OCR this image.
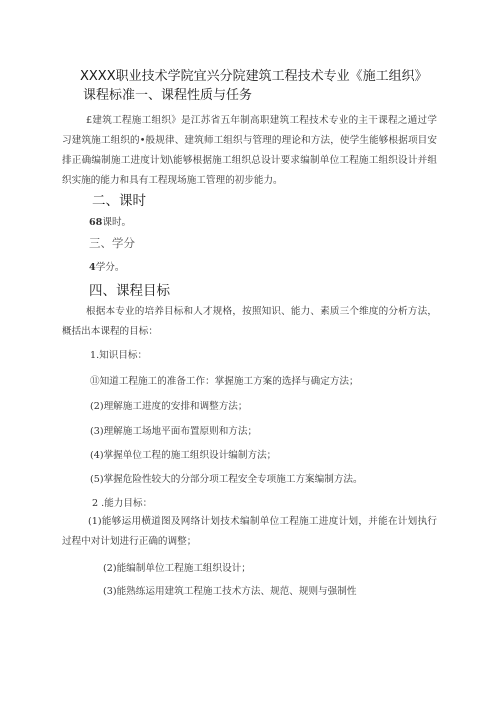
XXXX职业技术学院宜兴分院建筑工程技术专业《施工组织》
课程标准一、课程性质与任务
£建筑工程施工组织》是江苏省五年制高职建筑工程技术专业的主干课程之遁过学习建筑施工组织的•般规律、建筑师工组织与管理的理论和方法，使学生能够根据项目安排正确编制施工进度计划\能够根据施工组织总设计要求编制单位工程施工组织设计并组织实施的能力和具有工程现场施工管理的初步能力。
二、课时
68课时。
三、学分
4学分。
四、课程目标
根据本专业的培养目标和人才规格，按照知识、能力、素质三个维度的分析方法，概括出本课程的目标：
1.知识目标：
⑪知道工程施工的准备工作：掌握施工方案的选择与确定方法；
(2)理解施工进度的安排和调整方法；
(3)理解施工场地平面布置原则和方法；
(4)掌握单位工程的施工组织设计编制方法；
(5)掌握危险性较大的分部分项工程安全专项施工方案编制方法。
2 .能力目标：
(1)能够运用横道图及网络计划技术编制单位工程施工进度计划，并能在计划执行过程中对计划进行正确的调整；
(2)能编制单位工程施工组织设计；
(3)能熟练运用建筑工程施工技术方法、规范、规则与强制性
